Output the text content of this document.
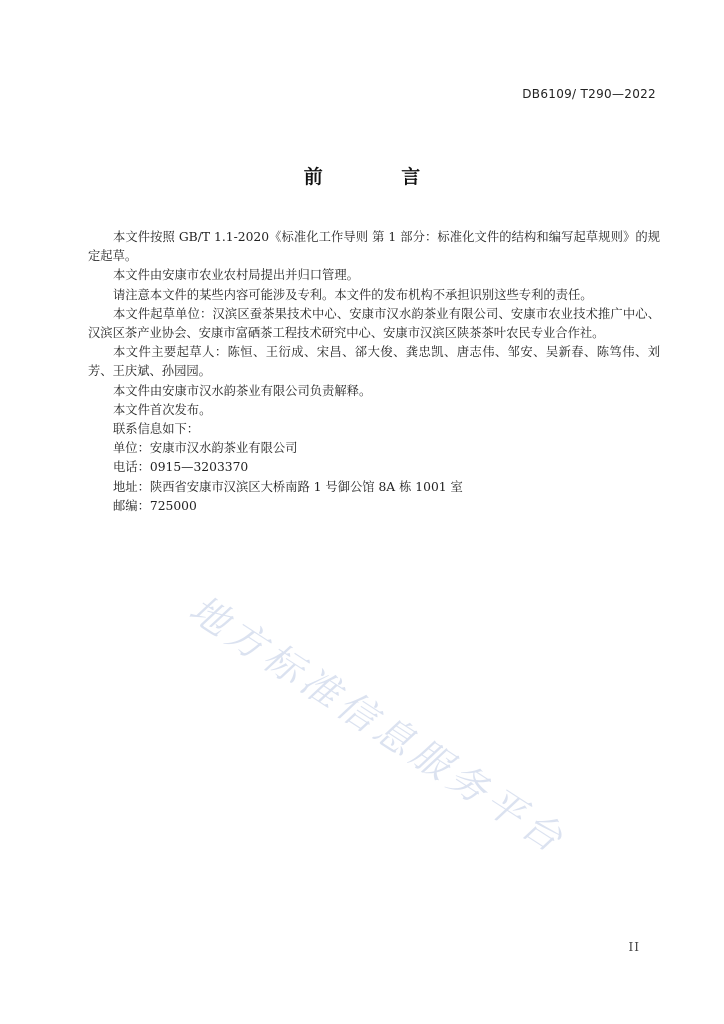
DB6109/ T290—2022
前 言

本文件按照 GB/T 1.1-2020《标准化工作导则 第 1 部分：标准化文件的结构和编写起草规则》的规定起草。

本文件由安康市农业农村局提出并归口管理。

请注意本文件的某些内容可能涉及专利。本文件的发布机构不承担识别这些专利的责任。

本文件起草单位：汉滨区蚕茶果技术中心、安康市汉水韵茶业有限公司、安康市农业技术推广中心、汉滨区茶产业协会、安康市富硒茶工程技术研究中心、安康市汉滨区陕茶茶叶农民专业合作社。

本文件主要起草人：陈恒、王衍成、宋昌、郤大俊、龚忠凯、唐志伟、邹安、吴新春、陈笃伟、刘芳、王庆斌、孙园园。

本文件由安康市汉水韵茶业有限公司负责解释。

本文件首次发布。

联系信息如下：

单位：安康市汉水韵茶业有限公司

电话：0915—3203370

地址：陕西省安康市汉滨区大桥南路 1 号御公馆 8A 栋 1001 室

邮编：725000

地方标准信息服务平台
II
